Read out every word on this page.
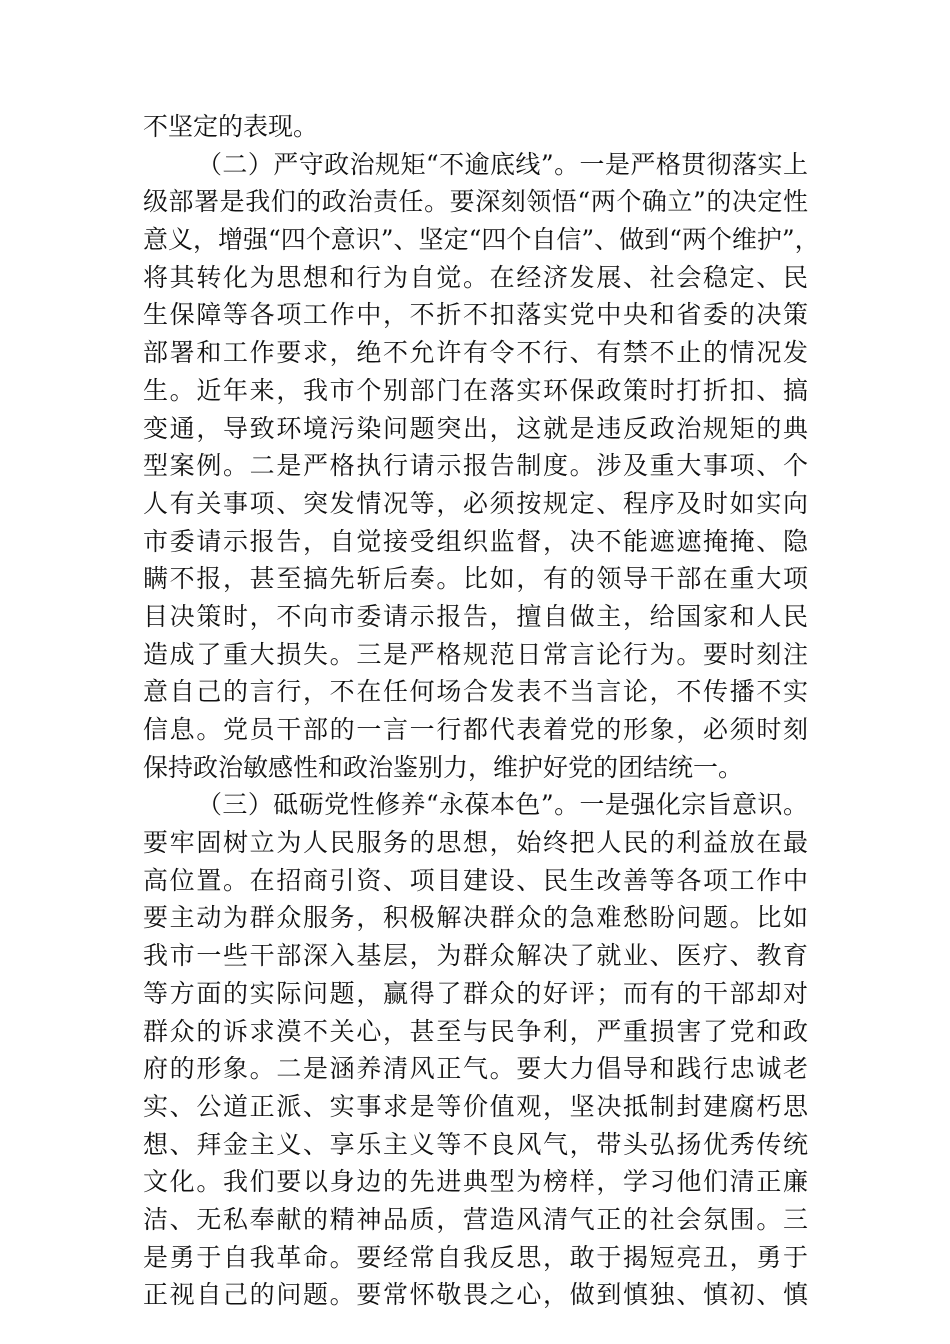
不坚定的表现。
（二）严守政治规矩“不逾底线”。一是严格贯彻落实上
级部署是我们的政治责任。要深刻领悟“两个确立”的决定性
意义，增强“四个意识”、坚定“四个自信”、做到“两个维护”，
将其转化为思想和行为自觉。在经济发展、社会稳定、民
生保障等各项工作中，不折不扣落实党中央和省委的决策
部署和工作要求，绝不允许有令不行、有禁不止的情况发
生。近年来，我市个别部门在落实环保政策时打折扣、搞
变通，导致环境污染问题突出，这就是违反政治规矩的典
型案例。二是严格执行请示报告制度。涉及重大事项、个
人有关事项、突发情况等，必须按规定、程序及时如实向
市委请示报告，自觉接受组织监督，决不能遮遮掩掩、隐
瞒不报，甚至搞先斩后奏。比如，有的领导干部在重大项
目决策时，不向市委请示报告，擅自做主，给国家和人民
造成了重大损失。三是严格规范日常言论行为。要时刻注
意自己的言行，不在任何场合发表不当言论，不传播不实
信息。党员干部的一言一行都代表着党的形象，必须时刻
保持政治敏感性和政治鉴别力，维护好党的团结统一。
（三）砥砺党性修养“永葆本色”。一是强化宗旨意识。
要牢固树立为人民服务的思想，始终把人民的利益放在最
高位置。在招商引资、项目建设、民生改善等各项工作中
要主动为群众服务，积极解决群众的急难愁盼问题。比如
我市一些干部深入基层，为群众解决了就业、医疗、教育
等方面的实际问题，赢得了群众的好评；而有的干部却对
群众的诉求漠不关心，甚至与民争利，严重损害了党和政
府的形象。二是涵养清风正气。要大力倡导和践行忠诚老
实、公道正派、实事求是等价值观，坚决抵制封建腐朽思
想、拜金主义、享乐主义等不良风气，带头弘扬优秀传统
文化。我们要以身边的先进典型为榜样，学习他们清正廉
洁、无私奉献的精神品质，营造风清气正的社会氛围。三
是勇于自我革命。要经常自我反思，敢于揭短亮丑，勇于
正视自己的问题。要常怀敬畏之心，做到慎独、慎初、慎
